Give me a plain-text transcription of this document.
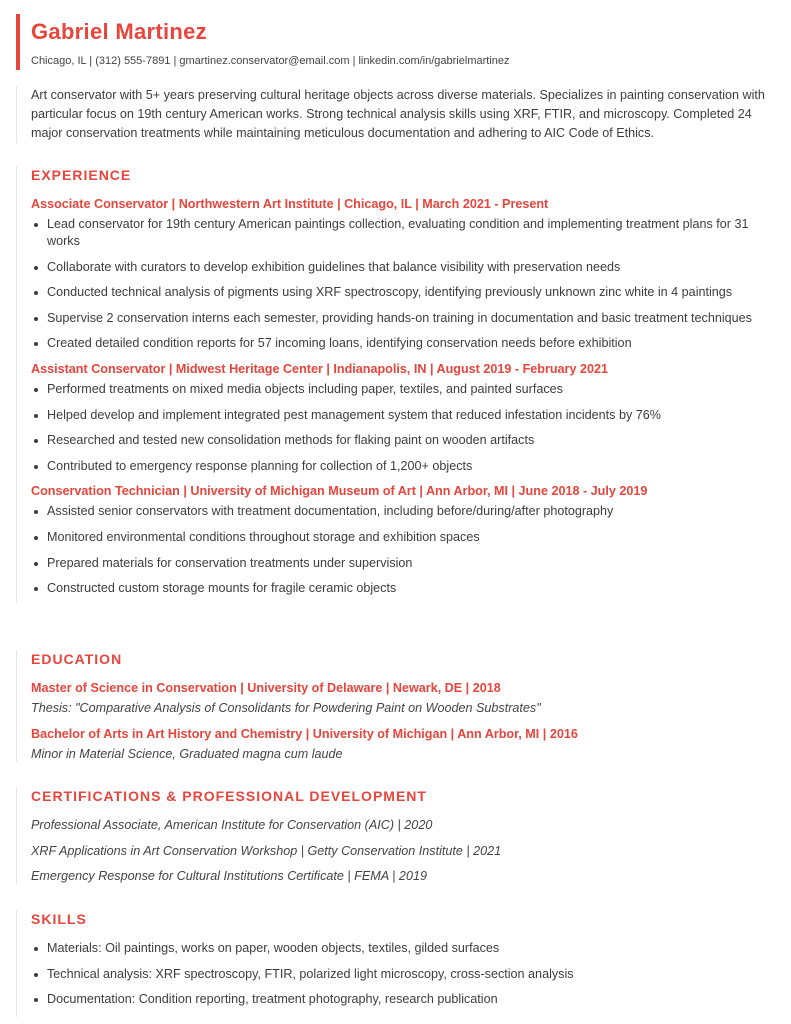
Gabriel Martinez
Chicago, IL | (312) 555-7891 | gmartinez.conservator@email.com | linkedin.com/in/gabrielmartinez
Art conservator with 5+ years preserving cultural heritage objects across diverse materials. Specializes in painting conservation with particular focus on 19th century American works. Strong technical analysis skills using XRF, FTIR, and microscopy. Completed 24 major conservation treatments while maintaining meticulous documentation and adhering to AIC Code of Ethics.
EXPERIENCE
Associate Conservator | Northwestern Art Institute | Chicago, IL | March 2021 - Present
Lead conservator for 19th century American paintings collection, evaluating condition and implementing treatment plans for 31 works
Collaborate with curators to develop exhibition guidelines that balance visibility with preservation needs
Conducted technical analysis of pigments using XRF spectroscopy, identifying previously unknown zinc white in 4 paintings
Supervise 2 conservation interns each semester, providing hands-on training in documentation and basic treatment techniques
Created detailed condition reports for 57 incoming loans, identifying conservation needs before exhibition
Assistant Conservator | Midwest Heritage Center | Indianapolis, IN | August 2019 - February 2021
Performed treatments on mixed media objects including paper, textiles, and painted surfaces
Helped develop and implement integrated pest management system that reduced infestation incidents by 76%
Researched and tested new consolidation methods for flaking paint on wooden artifacts
Contributed to emergency response planning for collection of 1,200+ objects
Conservation Technician | University of Michigan Museum of Art | Ann Arbor, MI | June 2018 - July 2019
Assisted senior conservators with treatment documentation, including before/during/after photography
Monitored environmental conditions throughout storage and exhibition spaces
Prepared materials for conservation treatments under supervision
Constructed custom storage mounts for fragile ceramic objects
EDUCATION
Master of Science in Conservation | University of Delaware | Newark, DE | 2018
Thesis: "Comparative Analysis of Consolidants for Powdering Paint on Wooden Substrates"
Bachelor of Arts in Art History and Chemistry | University of Michigan | Ann Arbor, MI | 2016
Minor in Material Science, Graduated magna cum laude
CERTIFICATIONS & PROFESSIONAL DEVELOPMENT
Professional Associate, American Institute for Conservation (AIC) | 2020
XRF Applications in Art Conservation Workshop | Getty Conservation Institute | 2021
Emergency Response for Cultural Institutions Certificate | FEMA | 2019
SKILLS
Materials: Oil paintings, works on paper, wooden objects, textiles, gilded surfaces
Technical analysis: XRF spectroscopy, FTIR, polarized light microscopy, cross-section analysis
Documentation: Condition reporting, treatment photography, research publication
